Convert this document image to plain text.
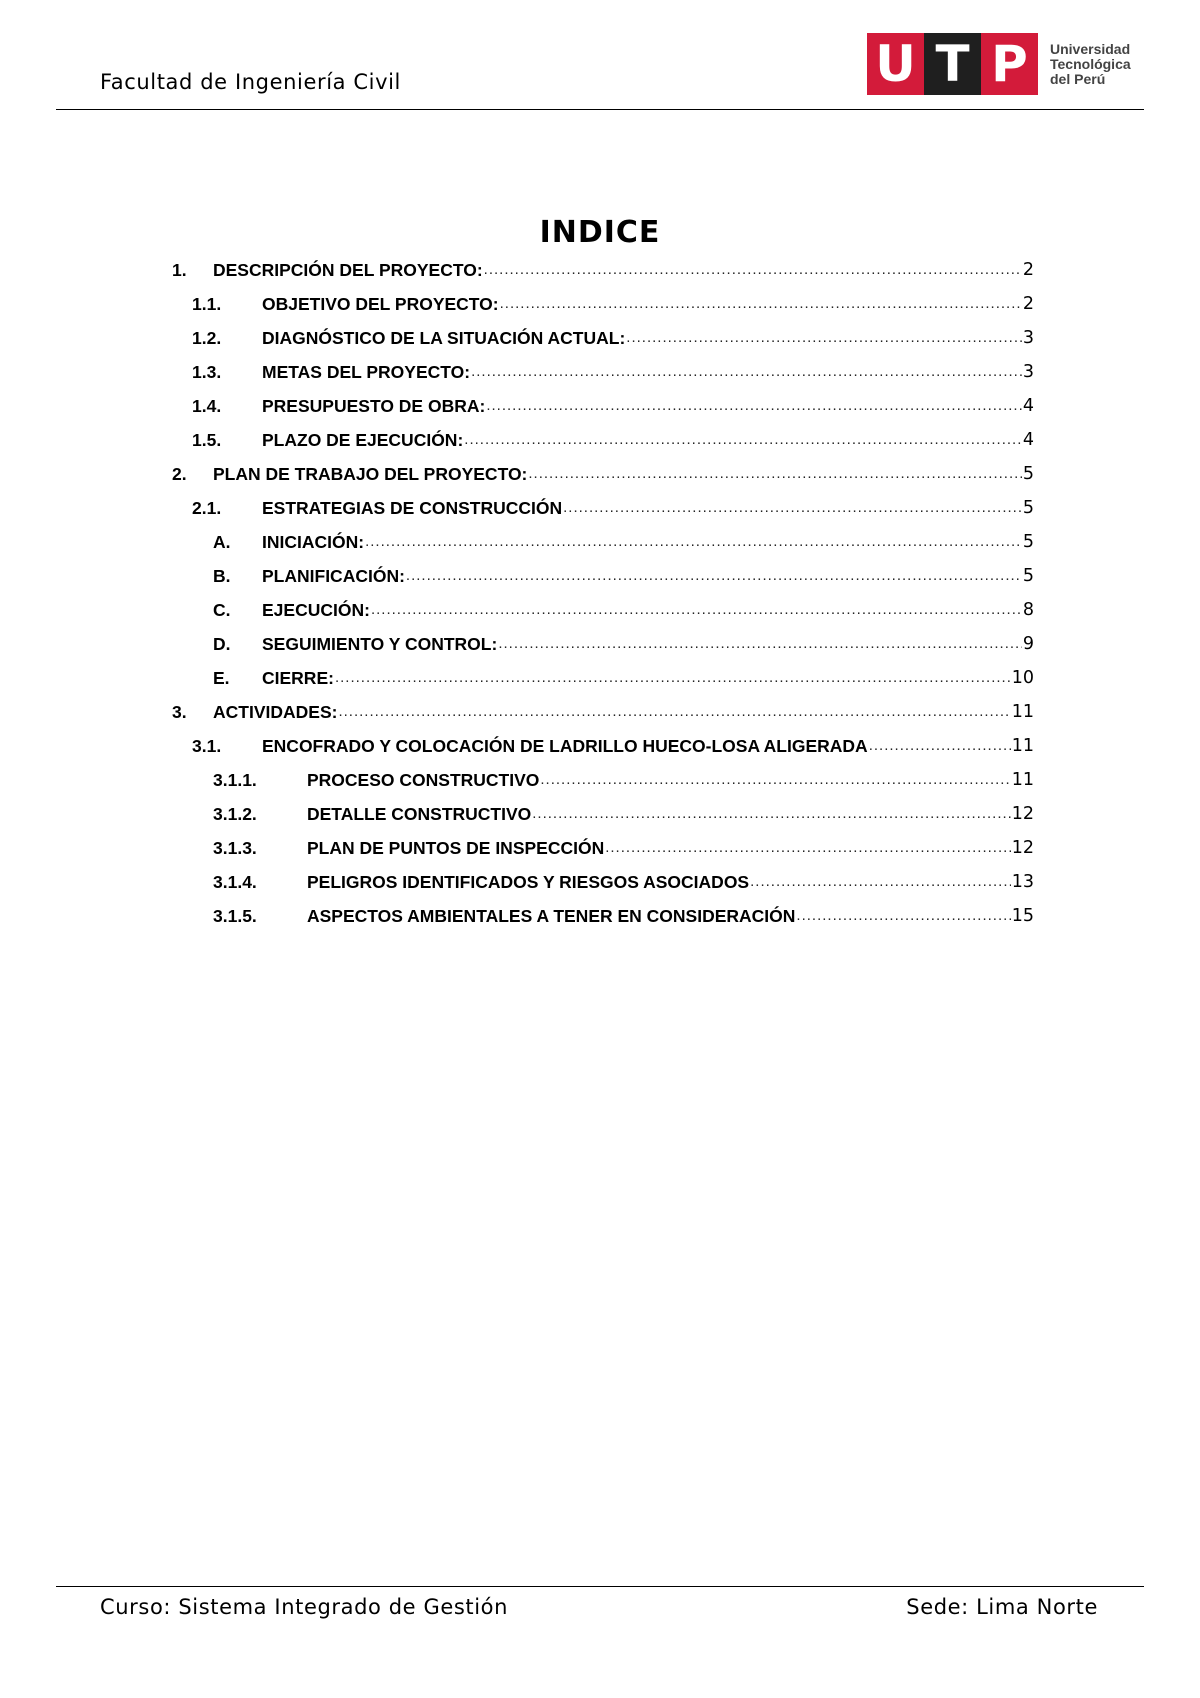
Facultad de Ingeniería Civil	U T P	Universidad
Tecnológica
del Perú
INDICE
1.	DESCRIPCIÓN DEL PROYECTO: .....	2
1.1.	OBJETIVO DEL PROYECTO: .....	2
1.2.	DIAGNÓSTICO DE LA SITUACIÓN ACTUAL: .....	3
1.3.	METAS DEL PROYECTO: .....	3
1.4.	PRESUPUESTO DE OBRA: .....	4
1.5.	PLAZO DE EJECUCIÓN: .....	4
2.	PLAN DE TRABAJO DEL PROYECTO: .....	5
2.1.	ESTRATEGIAS DE CONSTRUCCIÓN .....	5
A.	INICIACIÓN: .....	5
B.	PLANIFICACIÓN: .....	5
C.	EJECUCIÓN: .....	8
D.	SEGUIMIENTO Y CONTROL: .....	9
E.	CIERRE: .....	10
3.	ACTIVIDADES: .....	11
3.1.	ENCOFRADO Y COLOCACIÓN DE LADRILLO HUECO-LOSA ALIGERADA .....	11
3.1.1.	PROCESO CONSTRUCTIVO .....	11
3.1.2.	DETALLE CONSTRUCTIVO .....	12
3.1.3.	PLAN DE PUNTOS DE INSPECCIÓN .....	12
3.1.4.	PELIGROS IDENTIFICADOS Y RIESGOS ASOCIADOS .....	13
3.1.5.	ASPECTOS AMBIENTALES A TENER EN CONSIDERACIÓN .....	15
Curso: Sistema Integrado de Gestión	Sede: Lima Norte
